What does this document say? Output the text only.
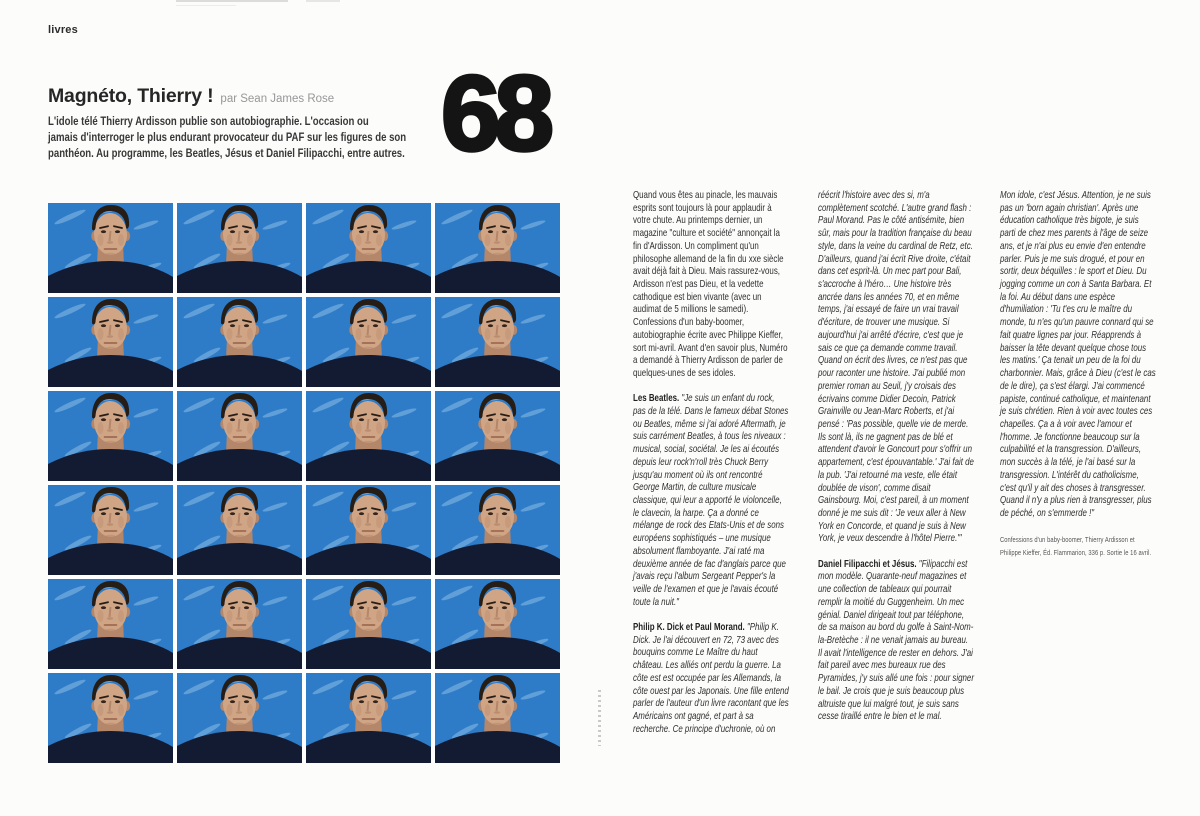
livres
Magnéto, Thierry ! par Sean James Rose
L'idole télé Thierry Ardisson publie son autobiographie. L'occasion ou
jamais d'interroger le plus endurant provocateur du PAF sur les figures de son
panthéon. Au programme, les Beatles, Jésus et Daniel Filipacchi, entre autres. 68

Quand vous êtes au pinacle, les mauvais esprits sont toujours là pour applaudir à votre chute. Au printemps dernier, un magazine "culture et société" annonçait la fin d'Ardisson. Un compliment qu'un philosophe allemand de la fin du xxe siècle avait déjà fait à Dieu. Mais rassurez-vous, Ardisson n'est pas Dieu, et la vedette cathodique est bien vivante (avec un audimat de 5 millions le samedi). Confessions d'un baby-boomer, autobiographie écrite avec Philippe Kieffer, sort mi-avril. Avant d'en savoir plus, Numéro a demandé à Thierry Ardisson de parler de quelques-unes de ses idoles.

Les Beatles. "Je suis un enfant du rock, pas de la télé. Dans le fameux débat Stones ou Beatles, même si j'ai adoré Aftermath, je suis carrément Beatles, à tous les niveaux : musical, social, sociétal. Je les ai écoutés depuis leur rock'n'roll très Chuck Berry jusqu'au moment où ils ont rencontré George Martin, de culture musicale classique, qui leur a apporté le violoncelle, le clavecin, la harpe. Ça a donné ce mélange de rock des Etats-Unis et de sons européens sophistiqués – une musique absolument flamboyante. J'ai raté ma deuxième année de fac d'anglais parce que j'avais reçu l'album Sergeant Pepper's la veille de l'examen et que je l'avais écouté toute la nuit."

Philip K. Dick et Paul Morand. "Philip K. Dick. Je l'ai découvert en 72, 73 avec des bouquins comme Le Maître du haut château. Les alliés ont perdu la guerre. La côte est est occupée par les Allemands, la côte ouest par les Japonais. Une fille entend parler de l'auteur d'un livre racontant que les Américains ont gagné, et part à sa recherche. Ce principe d'uchronie, où on

réécrit l'histoire avec des si, m'a complètement scotché. L'autre grand flash : Paul Morand. Pas le côté antisémite, bien sûr, mais pour la tradition française du beau style, dans la veine du cardinal de Retz, etc. D'ailleurs, quand j'ai écrit Rive droite, c'était dans cet esprit-là. Un mec part pour Bali, s'accroche à l'héro… Une histoire très ancrée dans les années 70, et en même temps, j'ai essayé de faire un vrai travail d'écriture, de trouver une musique. Si aujourd'hui j'ai arrêté d'écrire, c'est que je sais ce que ça demande comme travail. Quand on écrit des livres, ce n'est pas que pour raconter une histoire. J'ai publié mon premier roman au Seuil, j'y croisais des écrivains comme Didier Decoin, Patrick Grainville ou Jean-Marc Roberts, et j'ai pensé : 'Pas possible, quelle vie de merde. Ils sont là, ils ne gagnent pas de blé et attendent d'avoir le Goncourt pour s'offrir un appartement, c'est épouvantable.' J'ai fait de la pub. 'J'ai retourné ma veste, elle était doublée de vison', comme disait Gainsbourg. Moi, c'est pareil, à un moment donné je me suis dit : 'Je veux aller à New York en Concorde, et quand je suis à New York, je veux descendre à l'hôtel Pierre.'"

Daniel Filipacchi et Jésus. "Filipacchi est mon modèle. Quarante-neuf magazines et une collection de tableaux qui pourrait remplir la moitié du Guggenheim. Un mec génial. Daniel dirigeait tout par téléphone, de sa maison au bord du golfe à Saint-Nom-la-Bretèche : il ne venait jamais au bureau. Il avait l'intelligence de rester en dehors. J'ai fait pareil avec mes bureaux rue des Pyramides, j'y suis allé une fois : pour signer le bail. Je crois que je suis beaucoup plus altruiste que lui malgré tout, je suis sans cesse tiraillé entre le bien et le mal.

Mon idole, c'est Jésus. Attention, je ne suis pas un 'born again christian'. Après une éducation catholique très bigote, je suis parti de chez mes parents à l'âge de seize ans, et je n'ai plus eu envie d'en entendre parler. Puis je me suis drogué, et pour en sortir, deux béquilles : le sport et Dieu. Du jogging comme un con à Santa Barbara. Et la foi. Au début dans une espèce d'humiliation : 'Tu t'es cru le maître du monde, tu n'es qu'un pauvre connard qui se fait quatre lignes par jour. Réapprends à baisser la tête devant quelque chose tous les matins.' Ça tenait un peu de la foi du charbonnier. Mais, grâce à Dieu (c'est le cas de le dire), ça s'est élargi. J'ai commencé papiste, continué catholique, et maintenant je suis chrétien. Rien à voir avec toutes ces chapelles. Ça a à voir avec l'amour et l'homme. Je fonctionne beaucoup sur la culpabilité et la transgression. D'ailleurs, mon succès à la télé, je l'ai basé sur la transgression. L'intérêt du catholicisme, c'est qu'il y ait des choses à transgresser. Quand il n'y a plus rien à transgresser, plus de péché, on s'emmerde !"

Confessions d'un baby-boomer, Thierry Ardisson et Philippe Kieffer, Éd. Flammarion, 336 p. Sortie le 16 avril.
